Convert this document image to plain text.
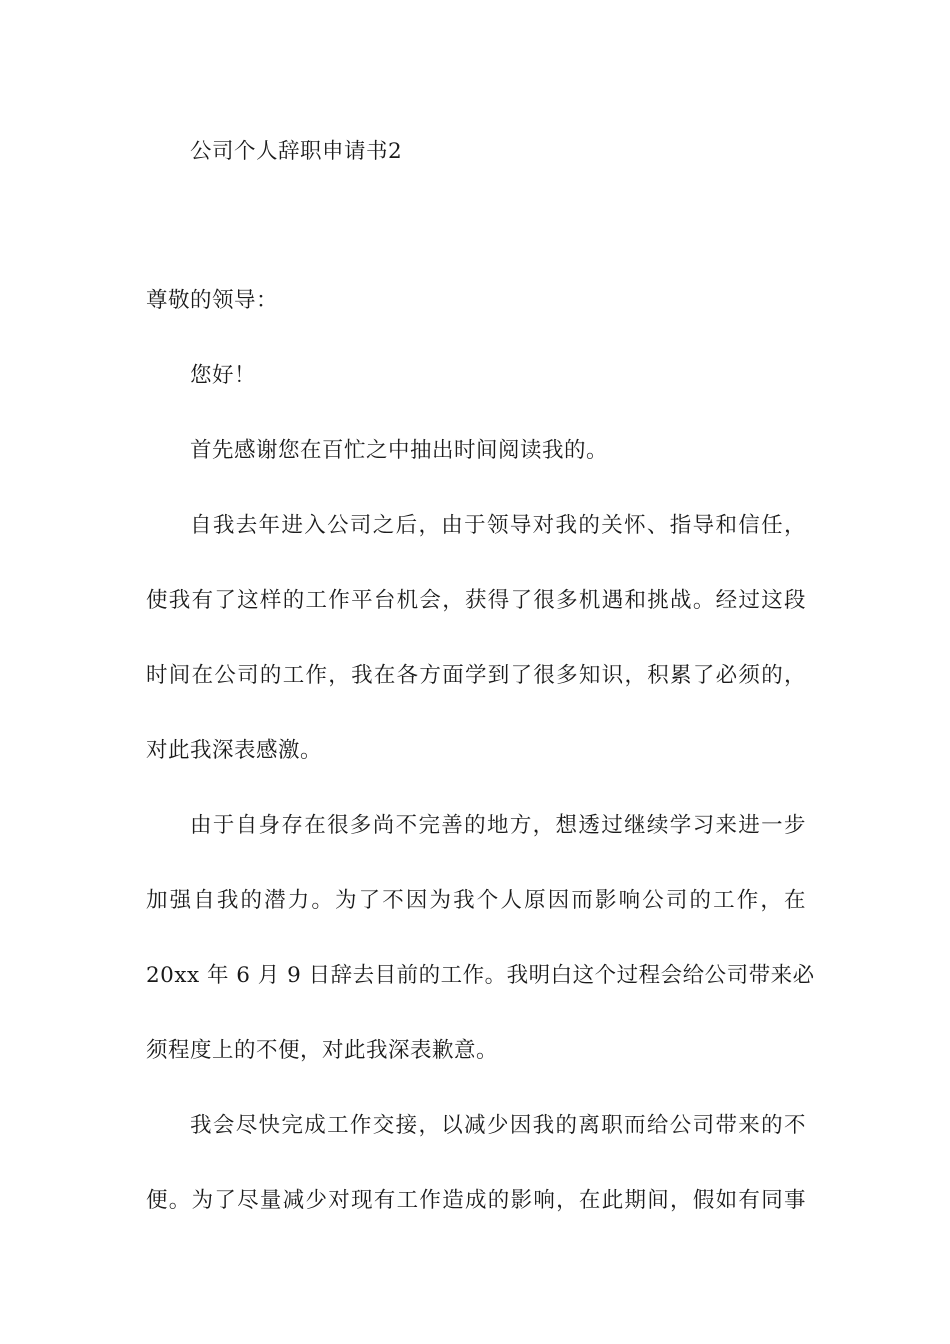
公司个人辞职申请书2
尊敬的领导：
您好！
首先感谢您在百忙之中抽出时间阅读我的。
自我去年进入公司之后，由于领导对我的关怀、指导和信任，
使我有了这样的工作平台机会，获得了很多机遇和挑战。经过这段
时间在公司的工作，我在各方面学到了很多知识，积累了必须的，
对此我深表感激。
由于自身存在很多尚不完善的地方，想透过继续学习来进一步
加强自我的潜力。为了不因为我个人原因而影响公司的工作，在
20xx 年 6 月 9 日辞去目前的工作。我明白这个过程会给公司带来必
须程度上的不便，对此我深表歉意。
我会尽快完成工作交接，以减少因我的离职而给公司带来的不
便。为了尽量减少对现有工作造成的影响，在此期间，假如有同事
